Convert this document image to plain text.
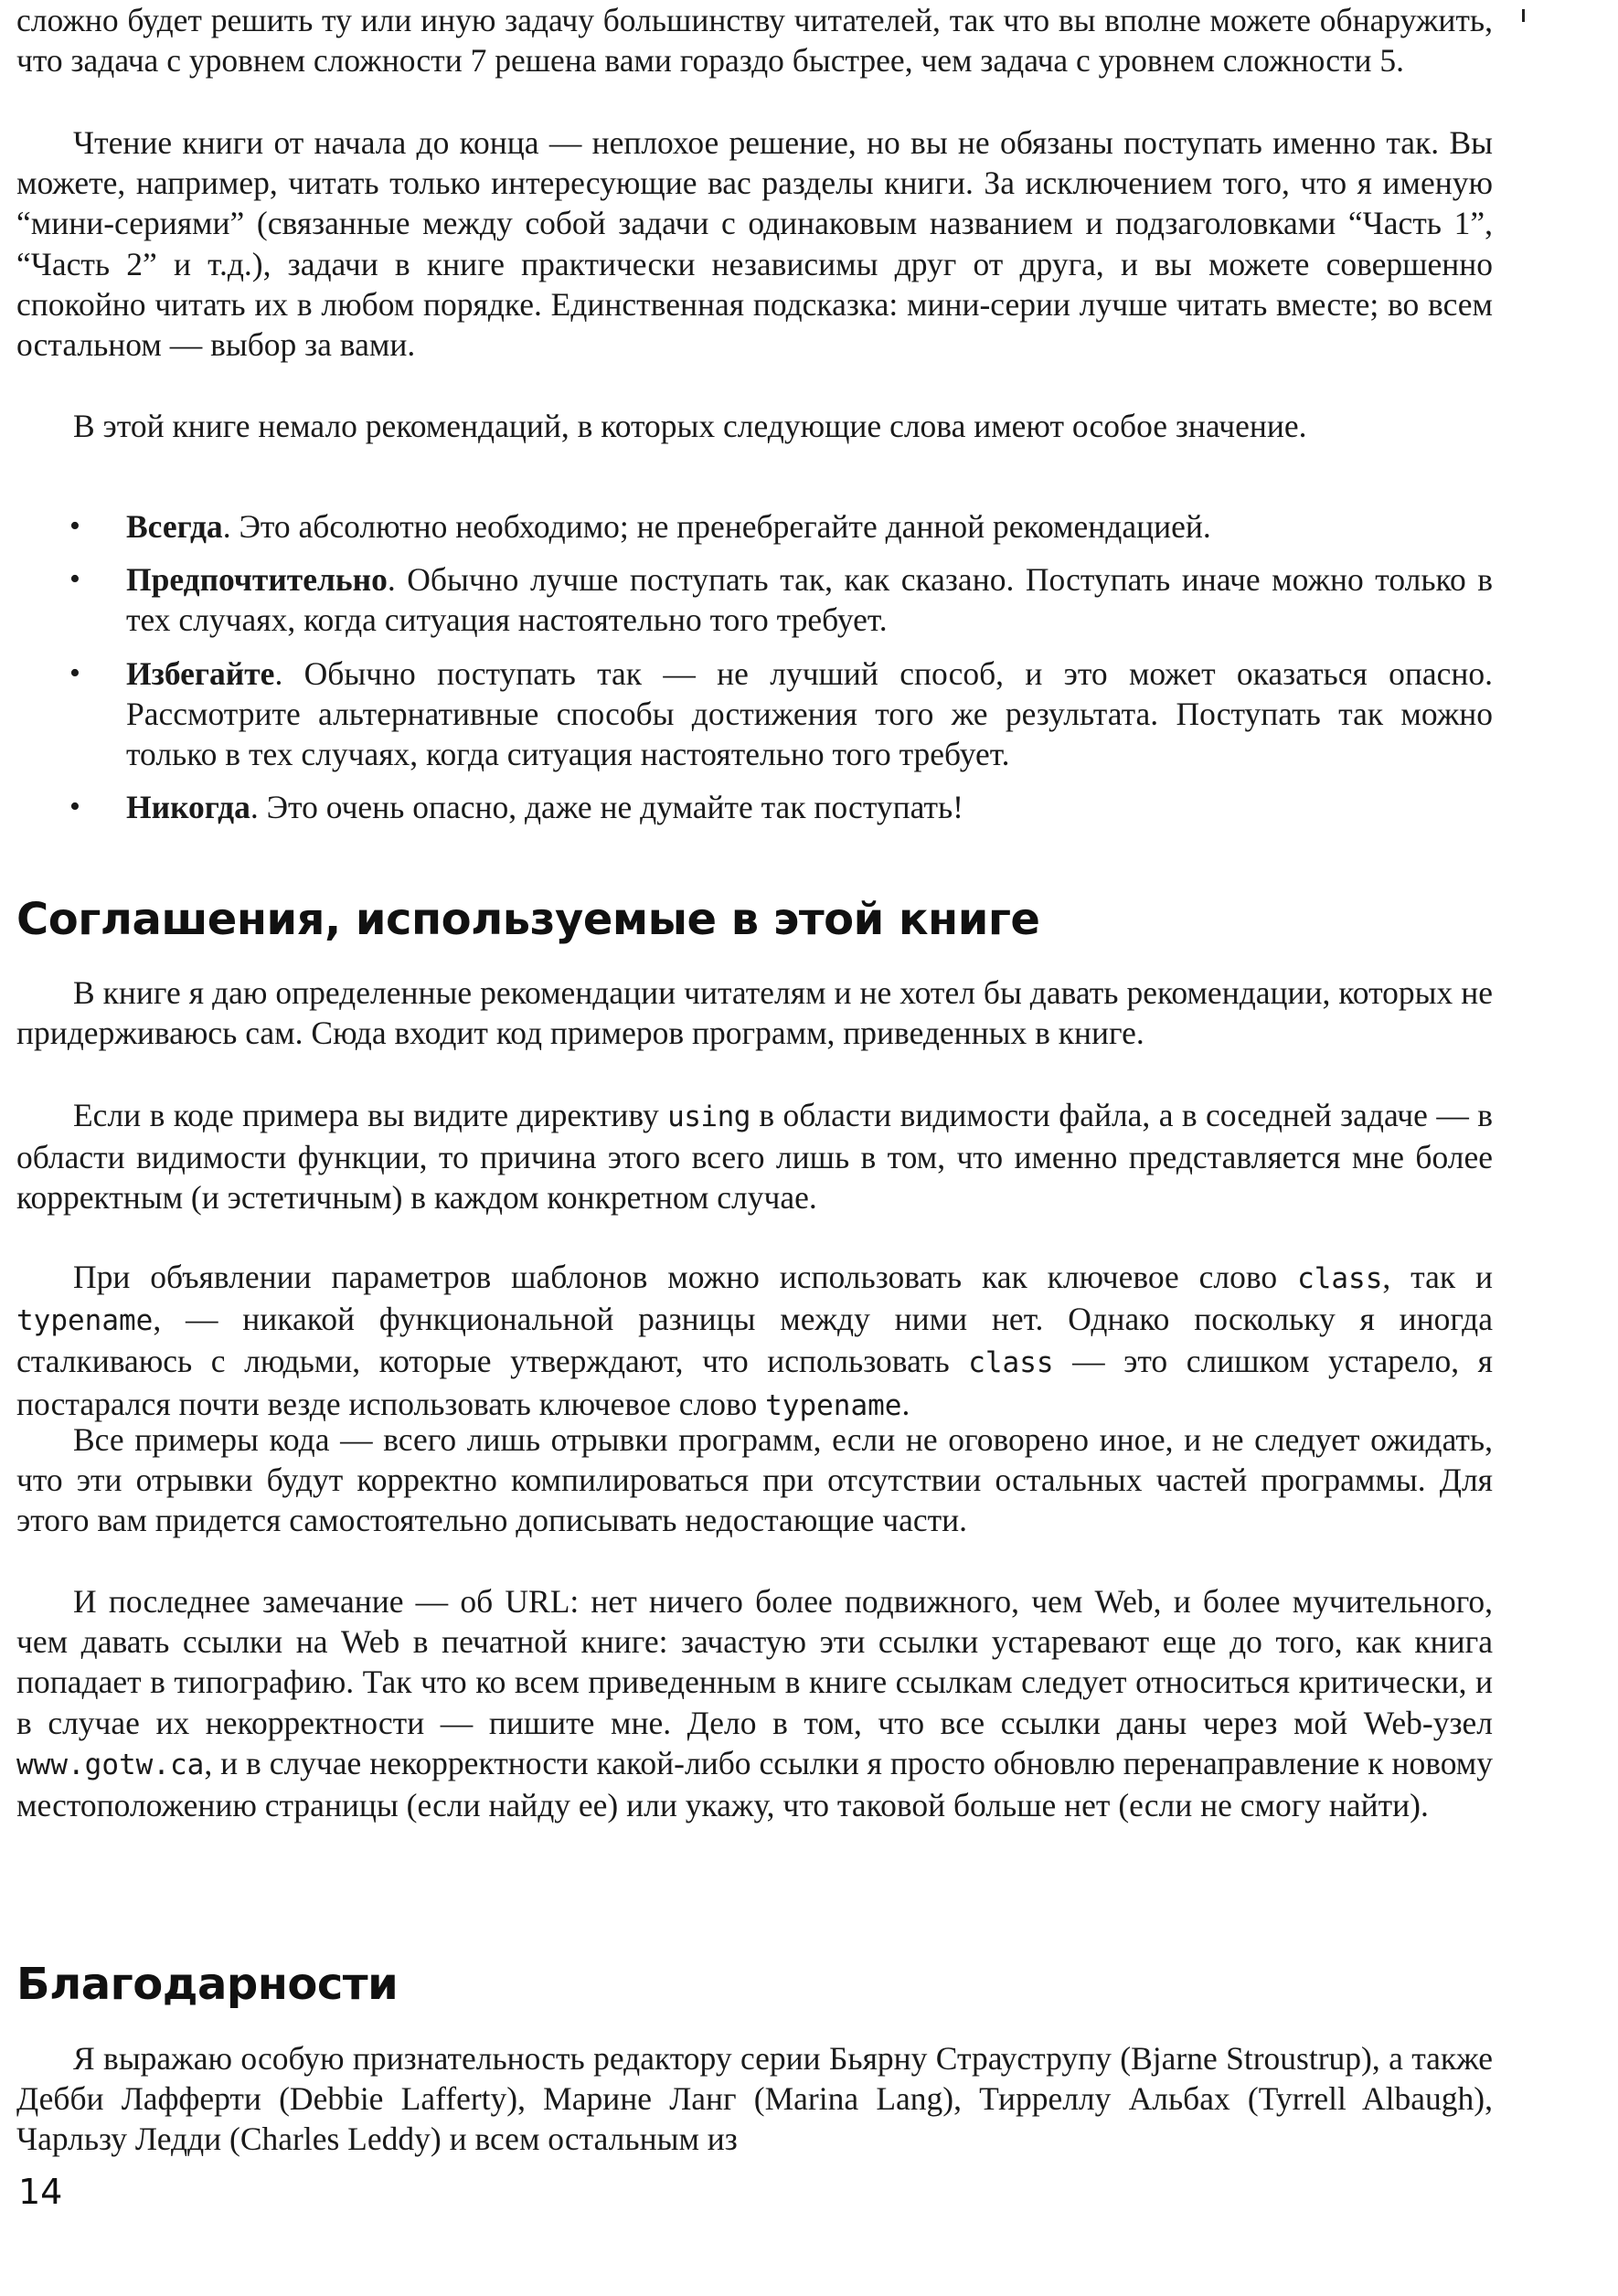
сложно будет решить ту или иную задачу большинству читателей, так что вы вполне можете обнаружить, что задача с уровнем сложности 7 решена вами гораздо быстрее, чем задача с уровнем сложности 5.

Чтение книги от начала до конца — неплохое решение, но вы не обязаны поступать именно так. Вы можете, например, читать только интересующие вас разделы книги. За исключением того, что я именую “мини-сериями” (связанные между собой задачи с одинаковым названием и подзаголовками “Часть 1”, “Часть 2” и т.д.), задачи в книге практически независимы друг от друга, и вы можете совершенно спокойно читать их в любом порядке. Единственная подсказка: мини-серии лучше читать вместе; во всем остальном — выбор за вами.

В этой книге немало рекомендаций, в которых следующие слова имеют особое значение.

• Всегда. Это абсолютно необходимо; не пренебрегайте данной рекомендацией.
• Предпочтительно. Обычно лучше поступать так, как сказано. Поступать иначе можно только в тех случаях, когда ситуация настоятельно того требует.
• Избегайте. Обычно поступать так — не лучший способ, и это может оказаться опасно. Рассмотрите альтернативные способы достижения того же результата. Поступать так можно только в тех случаях, когда ситуация настоятельно того требует.
• Никогда. Это очень опасно, даже не думайте так поступать!
Соглашения, используемые в этой книге

В книге я даю определенные рекомендации читателям и не хотел бы давать рекомендации, которых не придерживаюсь сам. Сюда входит код примеров программ, приведенных в книге.

Если в коде примера вы видите директиву using в области видимости файла, а в соседней задаче — в области видимости функции, то причина этого всего лишь в том, что именно представляется мне более корректным (и эстетичным) в каждом конкретном случае.

При объявлении параметров шаблонов можно использовать как ключевое слово class, так и typename, — никакой функциональной разницы между ними нет. Однако поскольку я иногда сталкиваюсь с людьми, которые утверждают, что использовать class — это слишком устарело, я постарался почти везде использовать ключевое слово typename.

Все примеры кода — всего лишь отрывки программ, если не оговорено иное, и не следует ожидать, что эти отрывки будут корректно компилироваться при отсутствии остальных частей программы. Для этого вам придется самостоятельно дописывать недостающие части.

И последнее замечание — об URL: нет ничего более подвижного, чем Web, и более мучительного, чем давать ссылки на Web в печатной книге: зачастую эти ссылки устаревают еще до того, как книга попадает в типографию. Так что ко всем приведенным в книге ссылкам следует относиться критически, и в случае их некорректности — пишите мне. Дело в том, что все ссылки даны через мой Web-узел www.gotw.ca, и в случае некорректности какой-либо ссылки я просто обновлю перенаправление к новому местоположению страницы (если найду ее) или укажу, что таковой больше нет (если не смогу найти).

Благодарности

Я выражаю особую признательность редактору серии Бьярну Страуструпу (Bjarne Stroustrup), а также Дебби Лафферти (Debbie Lafferty), Марине Ланг (Marina Lang), Тирреллу Альбах (Tyrrell Albaugh), Чарльзу Ледди (Charles Leddy) и всем остальным из

14
